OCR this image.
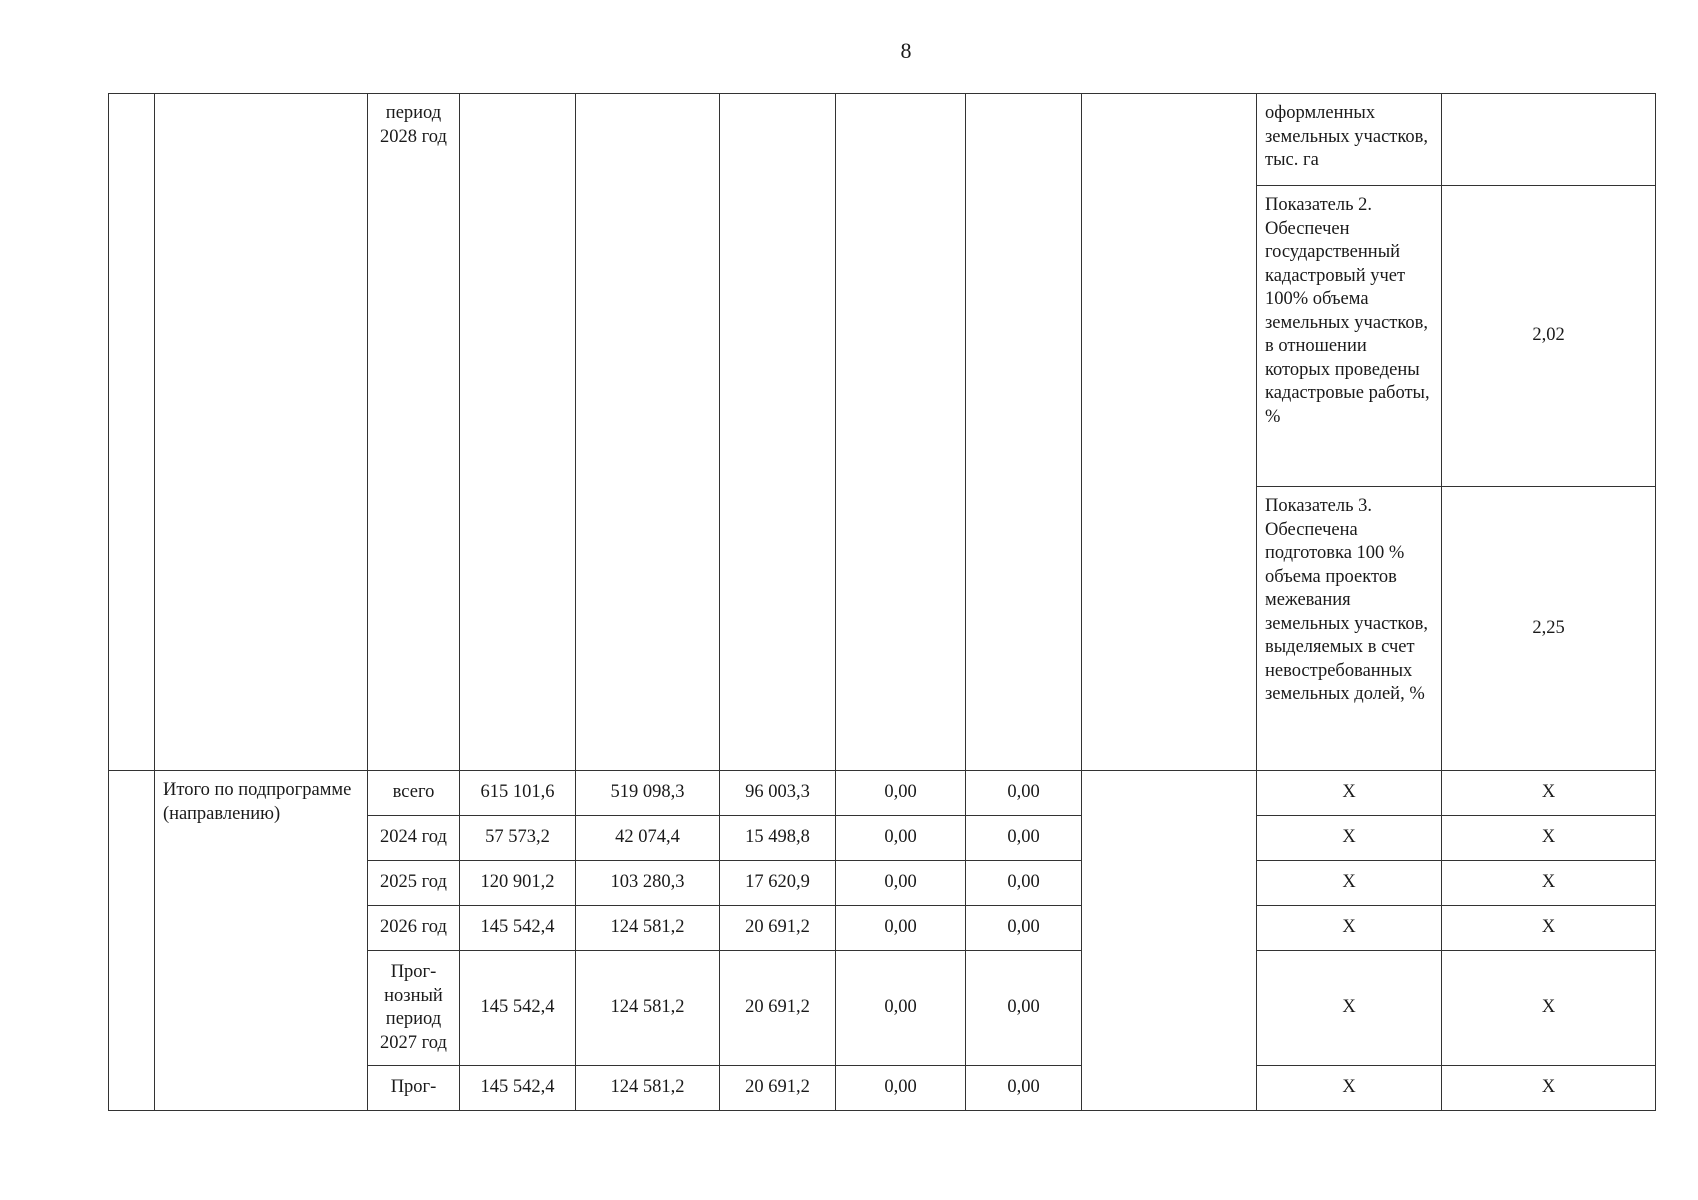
8
		период 2028 год							оформленных земельных участков, тыс. га	
									Показатель 2. Обеспечен государственный кадастровый учет 100% объема земельных участков, в отношении которых проведены кадастровые работы, %	2,02
									Показатель 3. Обеспечена подготовка 100 % объема проектов межевания земельных участков, выделяемых в счет невостребованных земельных долей, %	2,25
	Итого по подпрограмме (направлению)	всего	615 101,6	519 098,3	96 003,3	0,00	0,00		X	X
		2024 год	57 573,2	42 074,4	15 498,8	0,00	0,00		X	X
		2025 год	120 901,2	103 280,3	17 620,9	0,00	0,00		X	X
		2026 год	145 542,4	124 581,2	20 691,2	0,00	0,00		X	X
		Прог-нозный период 2027 год	145 542,4	124 581,2	20 691,2	0,00	0,00		X	X
		Прог-	145 542,4	124 581,2	20 691,2	0,00	0,00		X	X
